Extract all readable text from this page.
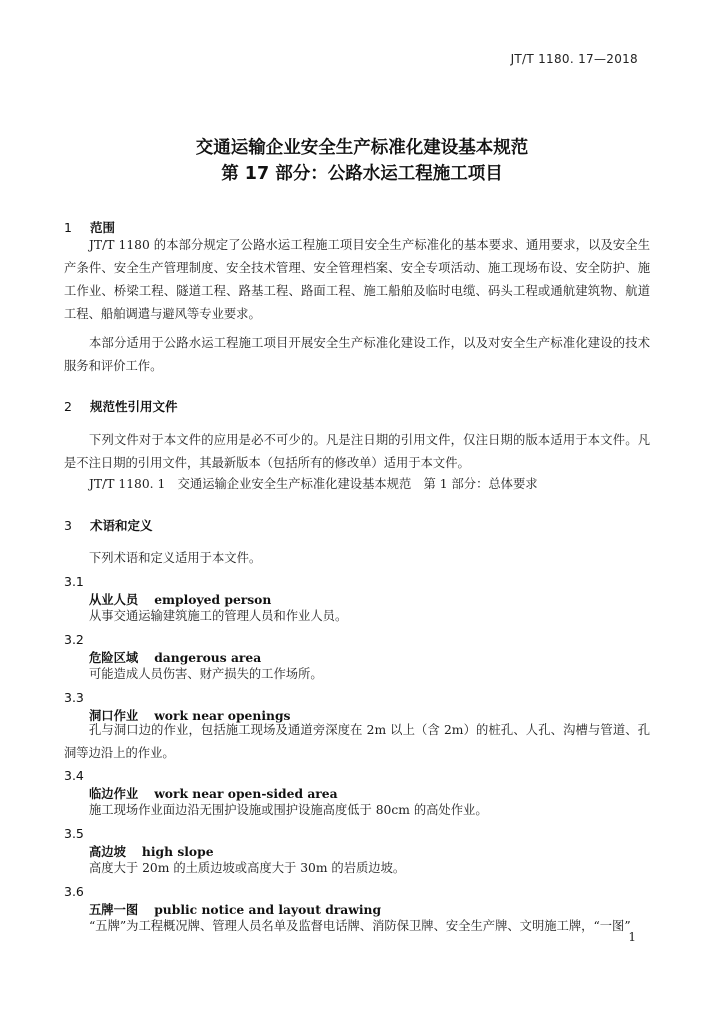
JT/T 1180. 17—2018
交通运输企业安全生产标准化建设基本规范
第 17 部分：公路水运工程施工项目
1 范围
JT/T 1180 的本部分规定了公路水运工程施工项目安全生产标准化的基本要求、通用要求，以及安全生产条件、安全生产管理制度、安全技术管理、安全管理档案、安全专项活动、施工现场布设、安全防护、施工作业、桥梁工程、隧道工程、路基工程、路面工程、施工船舶及临时电缆、码头工程或通航建筑物、航道工程、船舶调遣与避风等专业要求。
本部分适用于公路水运工程施工项目开展安全生产标准化建设工作，以及对安全生产标准化建设的技术服务和评价工作。
2 规范性引用文件
下列文件对于本文件的应用是必不可少的。凡是注日期的引用文件，仅注日期的版本适用于本文件。凡是不注日期的引用文件，其最新版本（包括所有的修改单）适用于本文件。
JT/T 1180. 1　交通运输企业安全生产标准化建设基本规范　第 1 部分：总体要求
3 术语和定义
下列术语和定义适用于本文件。
3.1
从业人员 employed person
从事交通运输建筑施工的管理人员和作业人员。
3.2
危险区域 dangerous area
可能造成人员伤害、财产损失的工作场所。
3.3
洞口作业 work near openings
孔与洞口边的作业，包括施工现场及通道旁深度在 2m 以上（含 2m）的桩孔、人孔、沟槽与管道、孔洞等边沿上的作业。
3.4
临边作业 work near open-sided area
施工现场作业面边沿无围护设施或围护设施高度低于 80cm 的高处作业。
3.5
高边坡 high slope
高度大于 20m 的土质边坡或高度大于 30m 的岩质边坡。
3.6
五牌一图 public notice and layout drawing
“五牌”为工程概况牌、管理人员名单及监督电话牌、消防保卫牌、安全生产牌、文明施工牌，“一图”
1
